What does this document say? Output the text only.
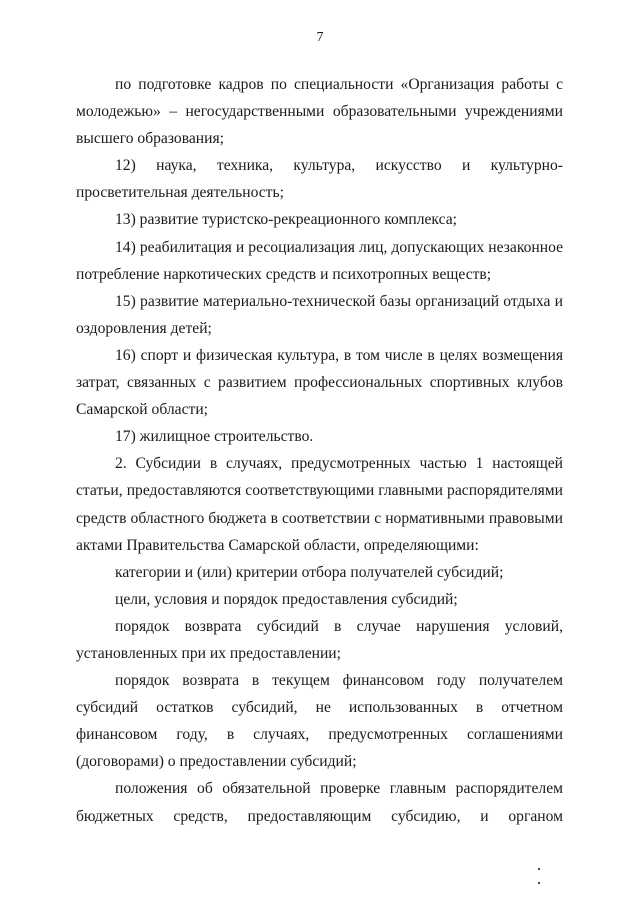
7

по подготовке кадров по специальности «Организация работы с молодежью» – негосударственными образовательными учреждениями высшего образования;

12) наука, техника, культура, искусство и культурно-просветительная деятельность;

13) развитие туристско-рекреационного комплекса;

14) реабилитация и ресоциализация лиц, допускающих незаконное потребление наркотических средств и психотропных веществ;

15) развитие материально-технической базы организаций отдыха и оздоровления детей;

16) спорт и физическая культура, в том числе в целях возмещения затрат, связанных с развитием профессиональных спортивных клубов Самарской области;

17) жилищное строительство.

2. Субсидии в случаях, предусмотренных частью 1 настоящей статьи, предоставляются соответствующими главными распорядителями средств областного бюджета в соответствии с нормативными правовыми актами Правительства Самарской области, определяющими:

категории и (или) критерии отбора получателей субсидий;

цели, условия и порядок предоставления субсидий;

порядок возврата субсидий в случае нарушения условий, установленных при их предоставлении;

порядок возврата в текущем финансовом году получателем субсидий остатков субсидий, не использованных в отчетном финансовом году, в случаях, предусмотренных соглашениями (договорами) о предоставлении субсидий;

положения об обязательной проверке главным распорядителем бюджетных средств, предоставляющим субсидию, и органом
